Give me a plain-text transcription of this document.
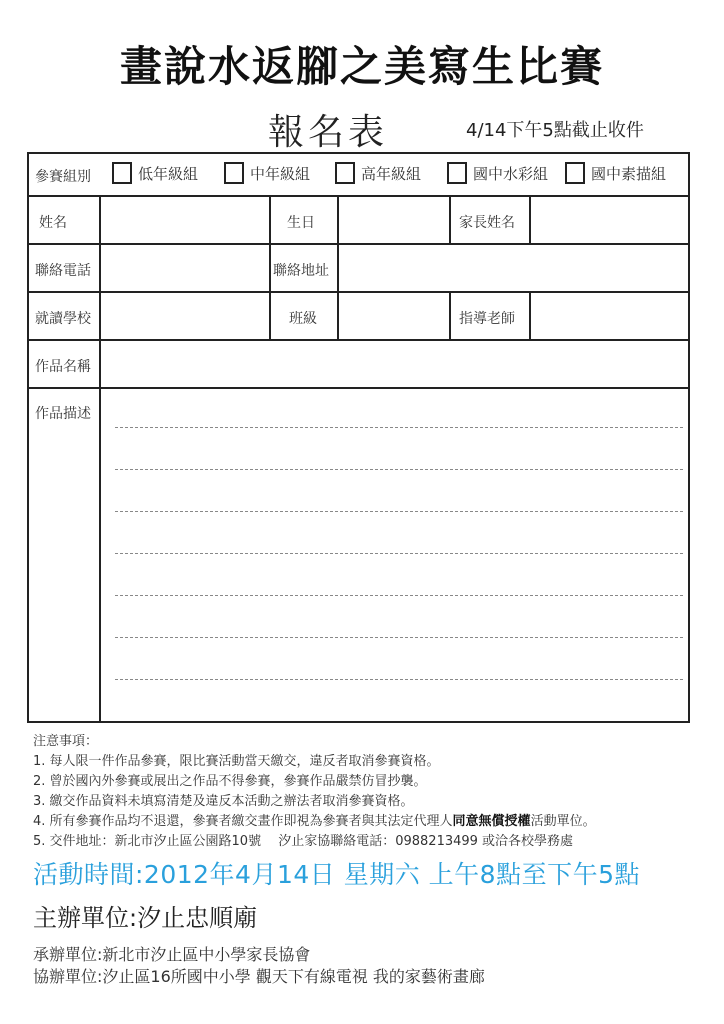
畫說水返腳之美寫生比賽
報名表	4/14下午5點截止收件
參賽組別	低年級組	中年級組	高年級組	國中水彩組	國中素描組
姓名	生日	家長姓名
聯絡電話	聯絡地址
就讀學校	班級	指導老師
作品名稱
作品描述

注意事項：

1. 每人限一件作品參賽，限比賽活動當天繳交，違反者取消參賽資格。

2. 曾於國內外參賽或展出之作品不得參賽，參賽作品嚴禁仿冒抄襲。

3. 繳交作品資料未填寫清楚及違反本活動之辦法者取消參賽資格。

4. 所有參賽作品均不退還，參賽者繳交畫作即視為參賽者與其法定代理人同意無償授權活動單位。

5. 交件地址：新北市汐止區公園路10號　 汐止家協聯絡電話：0988213499 或洽各校學務處

活動時間:2012年4月14日 星期六 上午8點至下午5點
主辦單位:汐止忠順廟
承辦單位:新北市汐止區中小學家長協會
協辦單位:汐止區16所國中小學 觀天下有線電視 我的家藝術畫廊
